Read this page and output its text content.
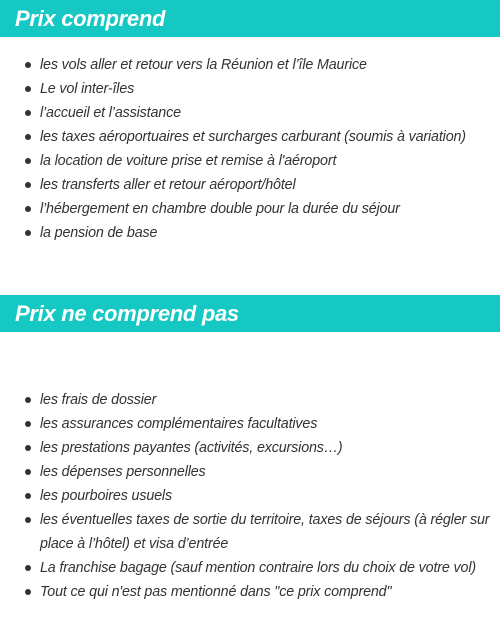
Prix comprend
les vols aller et retour vers la Réunion et l’île Maurice
Le vol inter-îles
l’accueil et l’assistance
les taxes aéroportuaires et surcharges carburant (soumis à variation)
la location de voiture prise et remise à l'aéroport
les transferts aller et retour aéroport/hôtel
l’hébergement en chambre double pour la durée du séjour
la pension de base
Prix ne comprend pas
les frais de dossier
les assurances complémentaires facultatives
les prestations payantes (activités, excursions…)
les dépenses personnelles
les pourboires usuels
les éventuelles taxes de sortie du territoire, taxes de séjours (à régler sur place à l’hôtel) et visa d’entrée
La franchise bagage (sauf mention contraire lors du choix de votre vol)
Tout ce qui n'est pas mentionné dans "ce prix comprend"
